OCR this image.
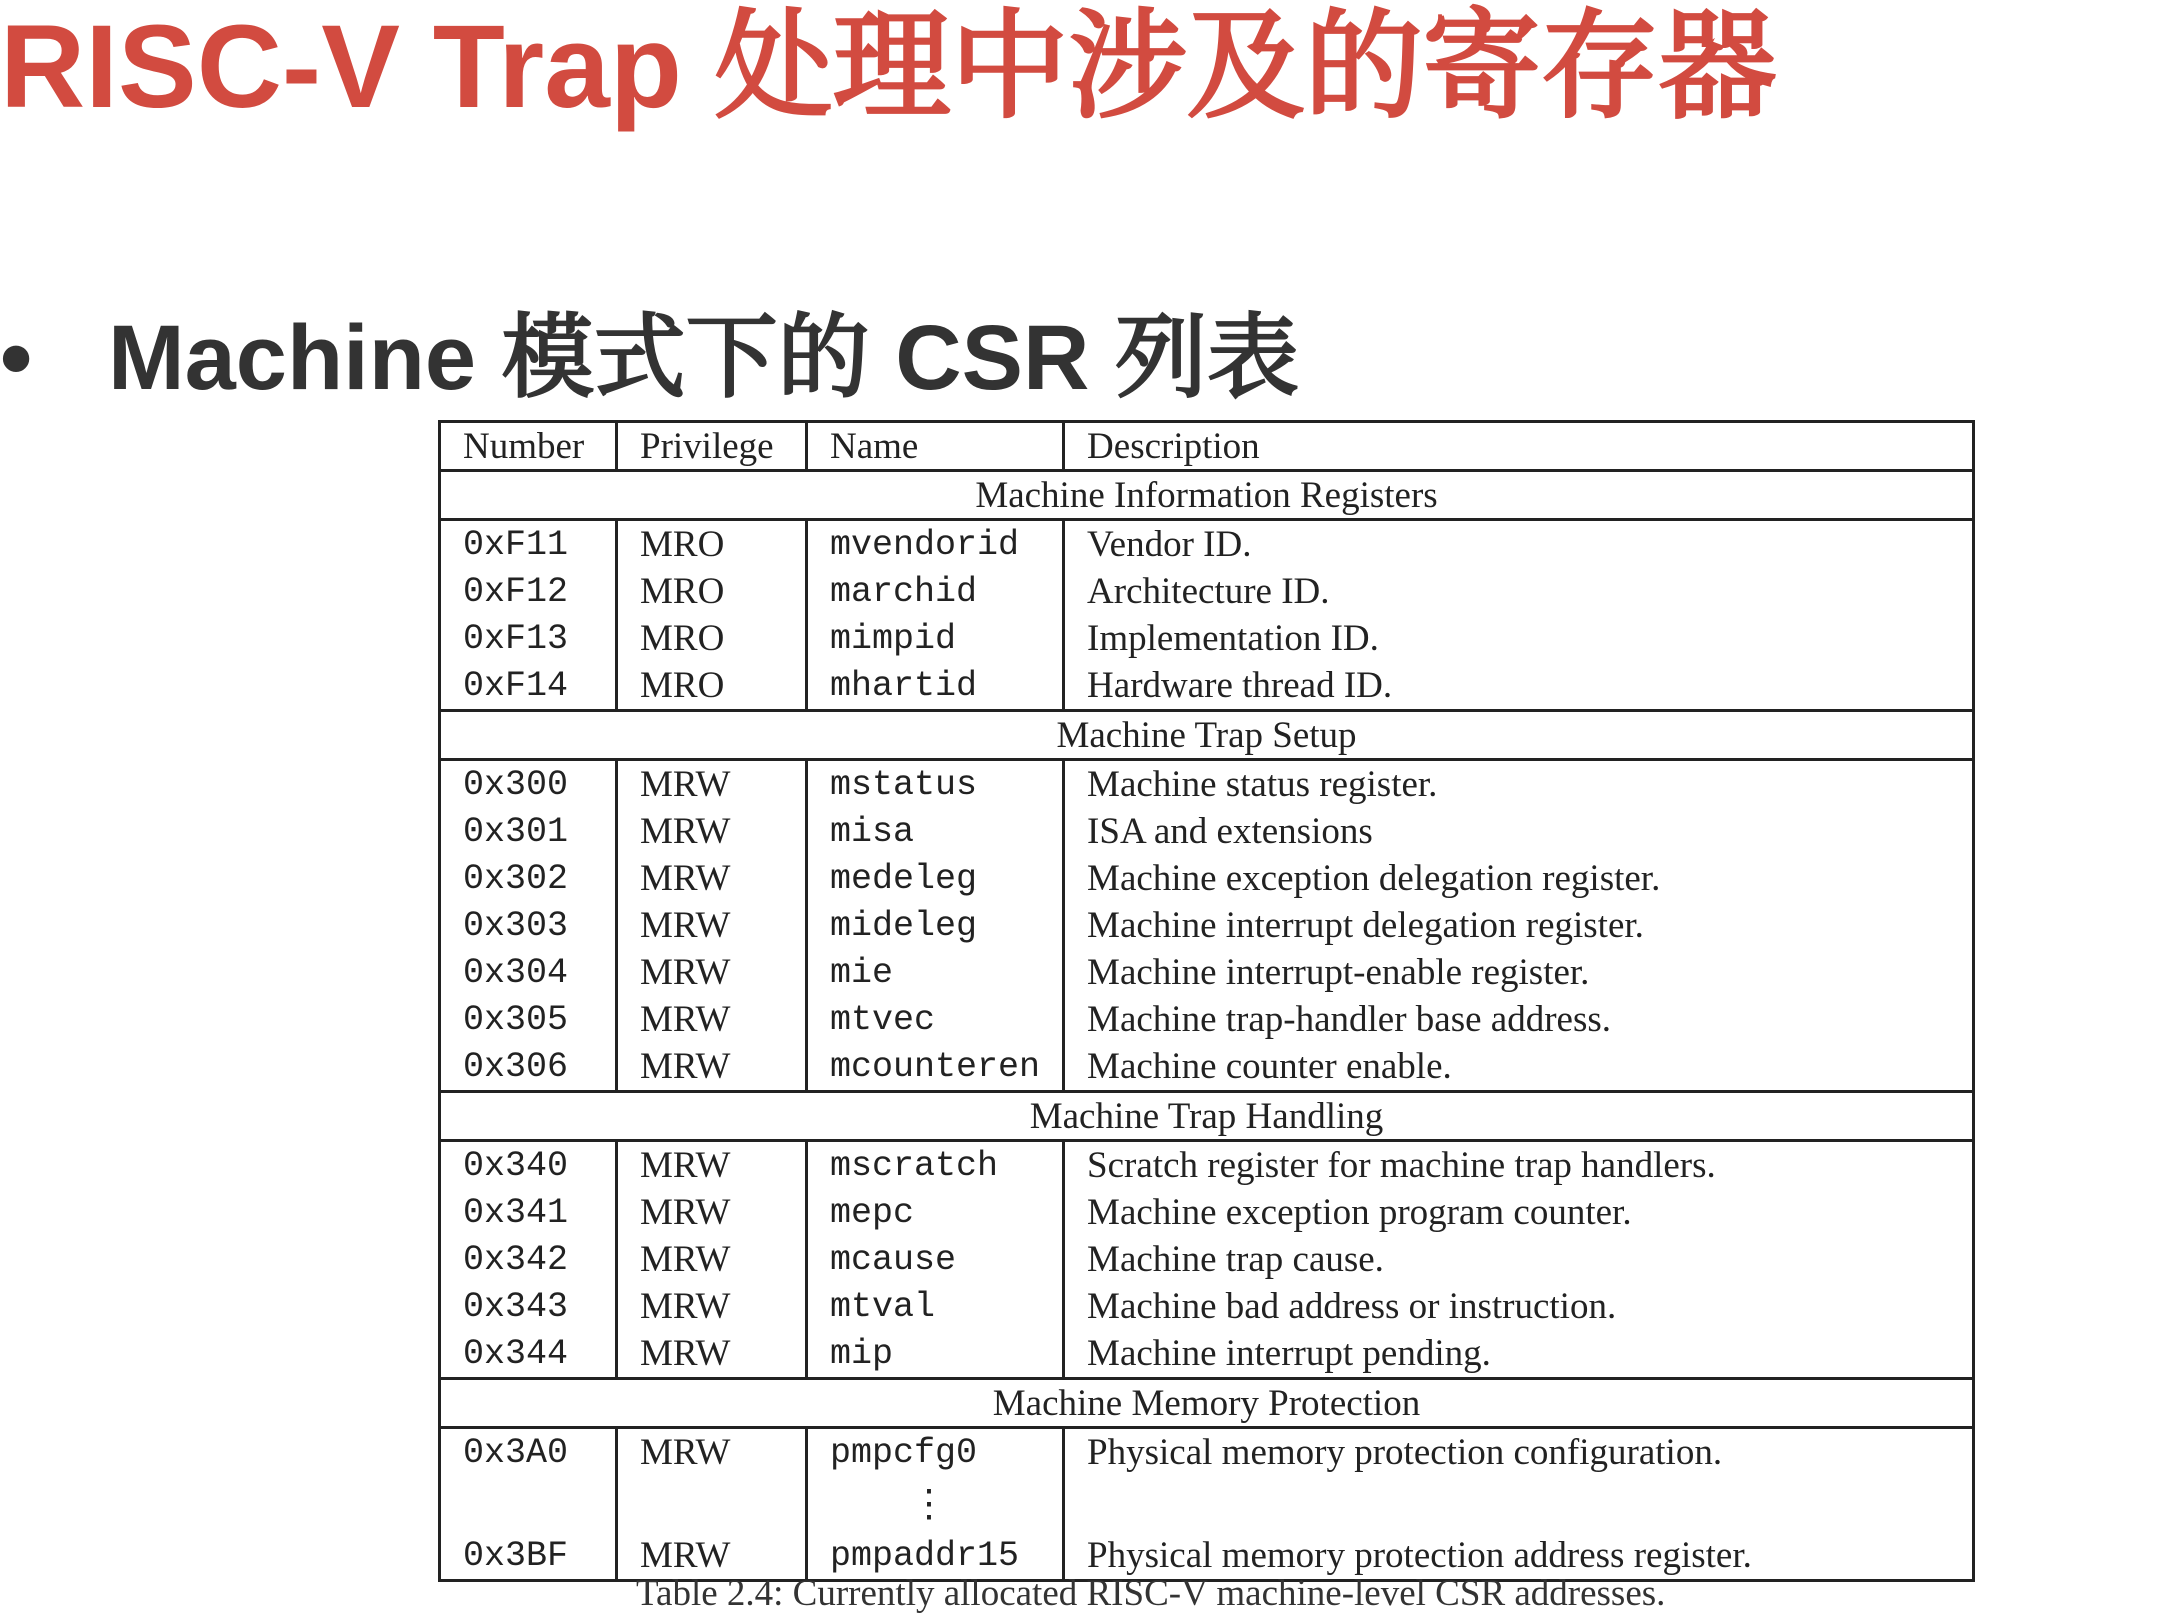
RISC-V Trap 处理中涉及的寄存器
• Machine 模式下的 CSR 列表
Number	Privilege	Name	Description
Machine Information Registers			
0xF11	MRO	mvendorid	Vendor ID.
0xF12	MRO	marchid	Architecture ID.
0xF13	MRO	mimpid	Implementation ID.
0xF14	MRO	mhartid	Hardware thread ID.
Machine Trap Setup			
0x300	MRW	mstatus	Machine status register.
0x301	MRW	misa	ISA and extensions
0x302	MRW	medeleg	Machine exception delegation register.
0x303	MRW	mideleg	Machine interrupt delegation register.
0x304	MRW	mie	Machine interrupt-enable register.
0x305	MRW	mtvec	Machine trap-handler base address.
0x306	MRW	mcounteren	Machine counter enable.
Machine Trap Handling			
0x340	MRW	mscratch	Scratch register for machine trap handlers.
0x341	MRW	mepc	Machine exception program counter.
0x342	MRW	mcause	Machine trap cause.
0x343	MRW	mtval	Machine bad address or instruction.
0x344	MRW	mip	Machine interrupt pending.
Machine Memory Protection			
0x3A0	MRW	pmpcfg0	Physical memory protection configuration.
		⋮	
0x3BF	MRW	pmpaddr15	Physical memory protection address register.
Table 2.4: Currently allocated RISC-V machine-level CSR addresses.
